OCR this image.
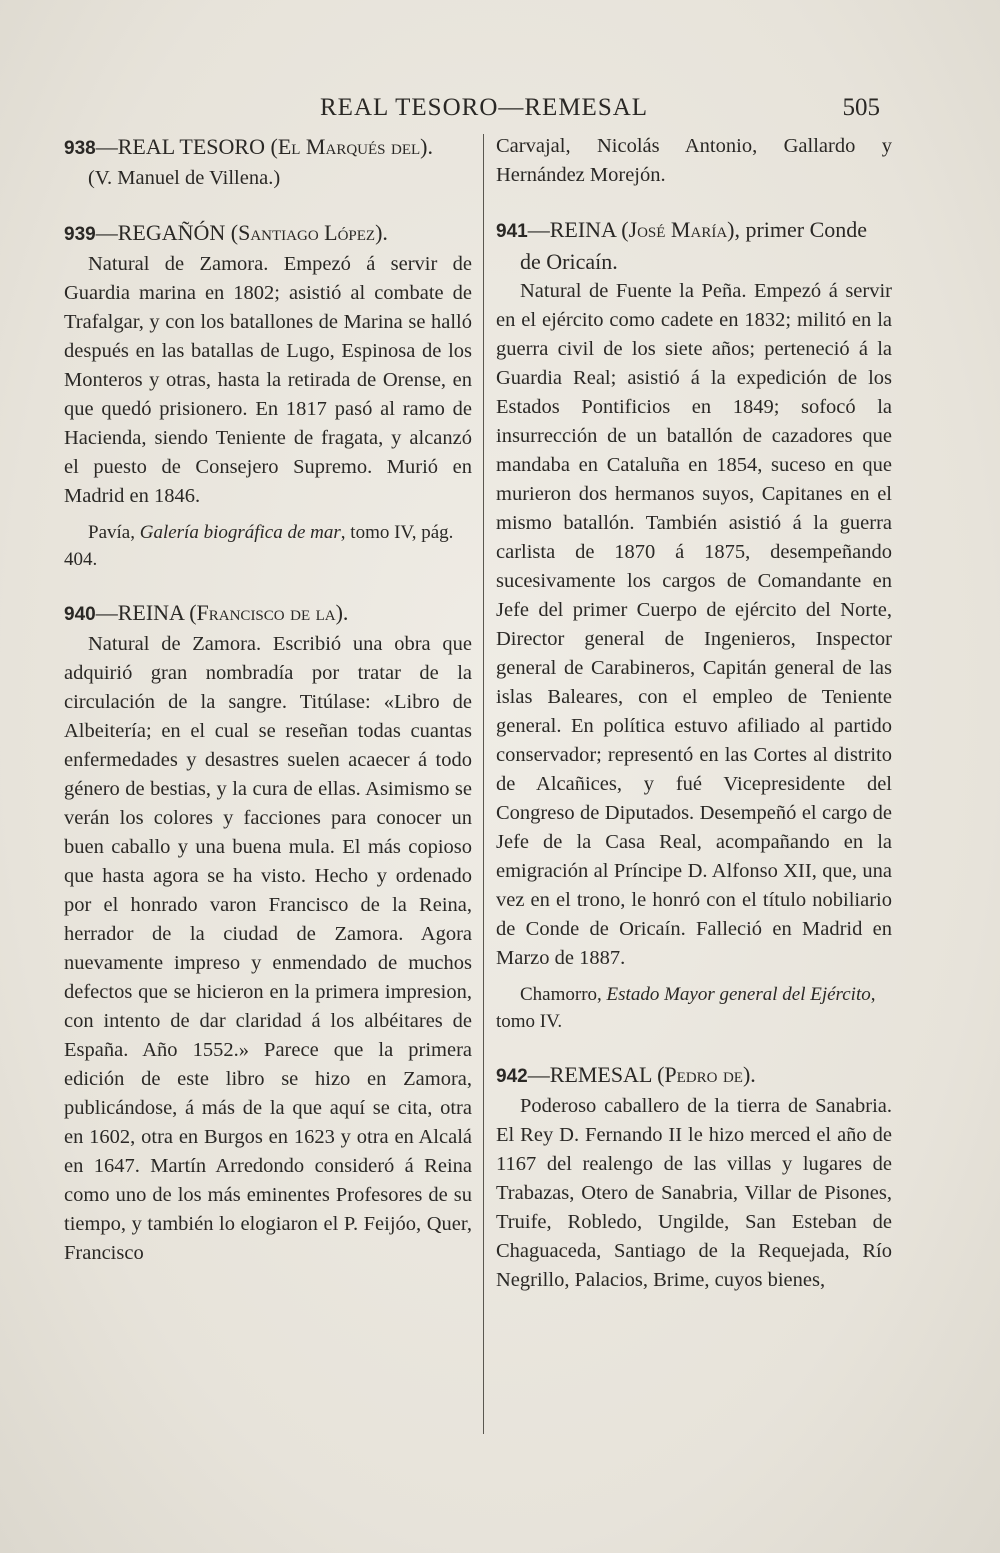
REAL TESORO—REMESAL	505
938—REAL TESORO (El Marqués del).

(V. Manuel de Villena.)

939—REGAÑÓN (Santiago López).

Natural de Zamora. Empezó á servir de Guardia marina en 1802; asistió al combate de Trafalgar, y con los batallones de Marina se halló después en las batallas de Lugo, Espinosa de los Monteros y otras, hasta la retirada de Orense, en que quedó prisionero. En 1817 pasó al ramo de Hacienda, siendo Teniente de fragata, y alcanzó el puesto de Consejero Supremo. Murió en Madrid en 1846.

Pavía, Galería biográfica de mar, tomo IV, pág. 404.

940—REINA (Francisco de la).

Natural de Zamora. Escribió una obra que adquirió gran nombradía por tratar de la circulación de la sangre. Titúlase: «Libro de Albeitería; en el cual se reseñan todas cuantas enfermedades y desastres suelen acaecer á todo género de bestias, y la cura de ellas. Asimismo se verán los colores y facciones para conocer un buen caballo y una buena mula. El más copioso que hasta agora se ha visto. Hecho y ordenado por el honrado varon Francisco de la Reina, herrador de la ciudad de Zamora. Agora nuevamente impreso y enmendado de muchos defectos que se hicieron en la primera impresion, con intento de dar claridad á los albéitares de España. Año 1552.» Parece que la primera edición de este libro se hizo en Zamora, publicándose, á más de la que aquí se cita, otra en 1602, otra en Burgos en 1623 y otra en Alcalá en 1647. Martín Arredondo consideró á Reina como uno de los más eminentes Profesores de su tiempo, y también lo elogiaron el P. Feijóo, Quer, Francisco

Carvajal, Nicolás Antonio, Gallardo y Hernández Morejón.

941—REINA (José María), primer Conde de Oricaín.

Natural de Fuente la Peña. Empezó á servir en el ejército como cadete en 1832; militó en la guerra civil de los siete años; perteneció á la Guardia Real; asistió á la expedición de los Estados Pontificios en 1849; sofocó la insurrección de un batallón de cazadores que mandaba en Cataluña en 1854, suceso en que murieron dos hermanos suyos, Capitanes en el mismo batallón. También asistió á la guerra carlista de 1870 á 1875, desempeñando sucesivamente los cargos de Comandante en Jefe del primer Cuerpo de ejército del Norte, Director general de Ingenieros, Inspector general de Carabineros, Capitán general de las islas Baleares, con el empleo de Teniente general. En política estuvo afiliado al partido conservador; representó en las Cortes al distrito de Alcañices, y fué Vicepresidente del Congreso de Diputados. Desempeñó el cargo de Jefe de la Casa Real, acompañando en la emigración al Príncipe D. Alfonso XII, que, una vez en el trono, le honró con el título nobiliario de Conde de Oricaín. Falleció en Madrid en Marzo de 1887.

Chamorro, Estado Mayor general del Ejército, tomo IV.

942—REMESAL (Pedro de).

Poderoso caballero de la tierra de Sanabria. El Rey D. Fernando II le hizo merced el año de 1167 del realengo de las villas y lugares de Trabazas, Otero de Sanabria, Villar de Pisones, Truife, Robledo, Ungilde, San Esteban de Chaguaceda, Santiago de la Requejada, Río Negrillo, Palacios, Brime, cuyos bienes,
